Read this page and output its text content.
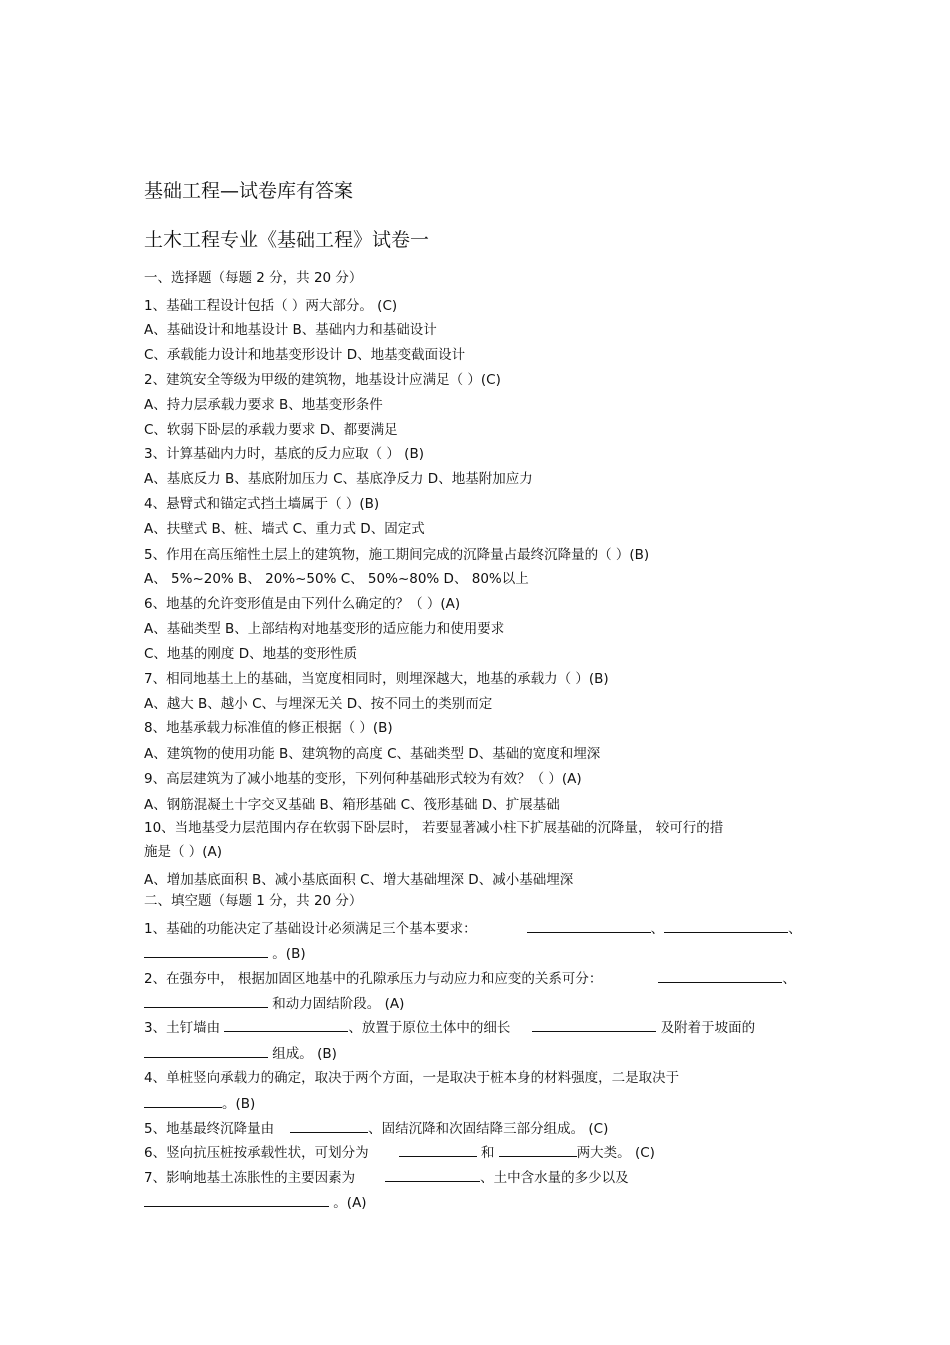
基础工程—试卷库有答案
土木工程专业《基础工程》试卷一
一、选择题（每题 2 分，共 20 分）
1、基础工程设计包括（ ）两大部分。 (C)
A、基础设计和地基设计 B、基础内力和基础设计
C、承载能力设计和地基变形设计 D、地基变截面设计
2、建筑安全等级为甲级的建筑物，地基设计应满足（ ）(C)
A、持力层承载力要求 B、地基变形条件
C、软弱下卧层的承载力要求 D、都要满足
3、计算基础内力时，基底的反力应取（ ） (B)
A、基底反力 B、基底附加压力 C、基底净反力 D、地基附加应力
4、悬臂式和锚定式挡土墙属于（ ）(B)
A、扶壁式 B、桩、墙式 C、重力式 D、固定式
5、作用在高压缩性土层上的建筑物，施工期间完成的沉降量占最终沉降量的（ ）(B)
A、 5%~20% B、 20%~50% C、 50%~80% D、 80%以上
6、地基的允许变形值是由下列什么确定的？（ ）(A)
A、基础类型 B、上部结构对地基变形的适应能力和使用要求
C、地基的刚度 D、地基的变形性质
7、相同地基土上的基础，当宽度相同时，则埋深越大，地基的承载力（ ）(B)
A、越大 B、越小 C、与埋深无关 D、按不同土的类别而定
8、地基承载力标准值的修正根据（ ）(B)
A、建筑物的使用功能 B、建筑物的高度 C、基础类型 D、基础的宽度和埋深
9、高层建筑为了减小地基的变形，下列何种基础形式较为有效？（ ）(A)
A、钢筋混凝土十字交叉基础 B、箱形基础 C、筏形基础 D、扩展基础
10、当地基受力层范围内存在软弱下卧层时， 若要显著减小柱下扩展基础的沉降量， 较可行的措
施是（ ）(A)
A、增加基底面积 B、减小基底面积 C、增大基础埋深 D、减小基础埋深
二、填空题（每题 1 分，共 20 分）
1、基础的功能决定了基础设计必须满足三个基本要求：	、	、
。(B)
2、在强夯中， 根据加固区地基中的孔隙承压力与动应力和应变的关系可分：	、
和动力固结阶段。 (A)
3、土钉墙由	、放置于原位土体中的细长	及附着于坡面的
组成。 (B)
4、单桩竖向承载力的确定，取决于两个方面，一是取决于桩本身的材料强度，二是取决于
。(B)
5、地基最终沉降量由	、固结沉降和次固结降三部分组成。 (C)
6、竖向抗压桩按承载性状，可划分为	和	两大类。 (C)
7、影响地基土冻胀性的主要因素为	、土中含水量的多少以及
。(A)
